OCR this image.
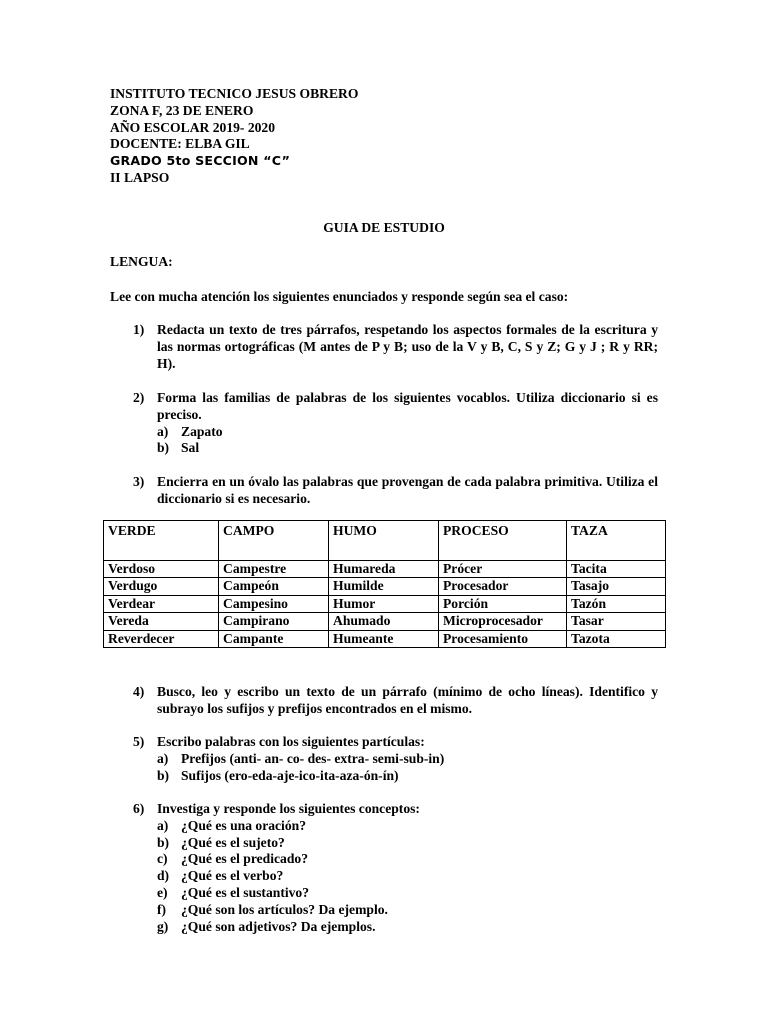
INSTITUTO TECNICO JESUS OBRERO
ZONA F, 23 DE ENERO
AÑO ESCOLAR 2019- 2020
DOCENTE: ELBA GIL
GRADO 5to SECCION “C”
II LAPSO
GUIA DE ESTUDIO
LENGUA:
Lee con mucha atención los siguientes enunciados y responde según sea el caso:
1) Redacta un texto de tres párrafos, respetando los aspectos formales de la escritura y las normas ortográficas (M antes de P y B; uso de la V y B, C, S y Z; G y J ; R y RR; H).
2) Forma las familias de palabras de los siguientes vocablos. Utiliza diccionario si es preciso.
a) Zapato
b) Sal
3) Encierra en un óvalo las palabras que provengan de cada palabra primitiva. Utiliza el diccionario si es necesario.
VERDE	CAMPO	HUMO	PROCESO	TAZA
Verdoso	Campestre	Humareda	Prócer	Tacita
Verdugo	Campeón	Humilde	Procesador	Tasajo
Verdear	Campesino	Humor	Porción	Tazón
Vereda	Campirano	Ahumado	Microprocesador	Tasar
Reverdecer	Campante	Humeante	Procesamiento	Tazota
4) Busco, leo y escribo un texto de un párrafo (mínimo de ocho líneas). Identifico y subrayo los sufijos y prefijos encontrados en el mismo.
5) Escribo palabras con los siguientes partículas:
a) Prefijos (anti- an- co- des- extra- semi-sub-in)
b) Sufijos (ero-eda-aje-ico-ita-aza-ón-ín)
6) Investiga y responde los siguientes conceptos:
a) ¿Qué es una oración?
b) ¿Qué es el sujeto?
c) ¿Qué es el predicado?
d) ¿Qué es el verbo?
e) ¿Qué es el sustantivo?
f) ¿Qué son los artículos? Da ejemplo.
g) ¿Qué son adjetivos? Da ejemplos.
